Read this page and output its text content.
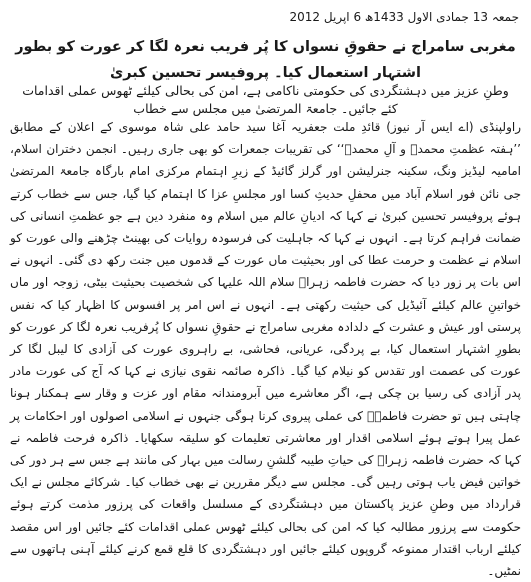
جمعہ 13 جمادی الاول 1433ھ 6 اپریل 2012
مغربی سامراج نے حقوقِ نسواں کا پُر فریب نعرہ لگا کر عورت کو بطور اشتہار استعمال کیا۔ پروفیسر تحسین کبریٰ
وطنِ عزیز میں دہشتگردی کی حکومتی ناکامی ہے، امن کی بحالی کیلئے ٹھوس عملی اقدامات کئے جائیں۔ جامعۃ المرتضیٰ میں مجلس سے خطاب

راولپنڈی (اے ایس آر نیوز) قائدِ ملت جعفریہ آغا سید حامد علی شاہ موسوی کے اعلان کے مطابق ’’ہفتہ عظمتِ محمدؐ و آلِ محمدؐ‘‘ کی تقریبات جمعرات کو بھی جاری رہیں۔ انجمن دختران اسلام، امامیہ لیڈیز ونگ، سکینہ جنرلیشن اور گرلز گائیڈ کے زیرِ اہتمام مرکزی امام بارگاہ جامعۃ المرتضیٰ جی نائن فور اسلام آباد میں محفلِ حدیثِ کسا اور مجلسِ عزا کا اہتمام کیا گیا، جس سے خطاب کرتے ہوئے پروفیسر تحسین کبریٰ نے کہا کہ ادیانِ عالم میں اسلام وہ منفرد دین ہے جو عظمتِ انسانی کی ضمانت فراہم کرتا ہے۔ انہوں نے کہا کہ جاہلیت کی فرسودہ روایات کی بھینٹ چڑھنے والی عورت کو اسلام نے عظمت و حرمت عطا کی اور بحیثیت ماں عورت کے قدموں میں جنت رکھ دی گئی۔ انہوں نے اس بات پر زور دیا کہ حضرت فاطمہ زہراؑ سلام اللہ علیہا کی شخصیت بحیثیت بیٹی، زوجہ اور ماں خواتینِ عالم کیلئے آئیڈیل کی حیثیت رکھتی ہے۔ انہوں نے اس امر پر افسوس کا اظہار کیا کہ نفس پرستی اور عیش و عشرت کے دلدادہ مغربی سامراج نے حقوقِ نسواں کا پُرفریب نعرہ لگا کر عورت کو بطورِ اشتہار استعمال کیا، بے پردگی، عریانی، فحاشی، بے راہروی عورت کی آزادی کا لیبل لگا کر عورت کی عصمت اور تقدس کو نیلام کیا گیا۔ ذاکرہ صائمہ نقوی نیازی نے کہا کہ آج کی عورت مادر پدر آزادی کی رسیا بن چکی ہے، اگر معاشرے میں آبرومندانہ مقام اور عزت و وقار سے ہمکنار ہونا چاہتی ہیں تو حضرت فاطمہؑ کی عملی پیروی کرنا ہوگی جنہوں نے اسلامی اصولوں اور احکامات پر عمل پیرا ہوتے ہوئے اسلامی اقدار اور معاشرتی تعلیمات کو سلیقہ سکھایا۔ ذاکرہ فرحت فاطمہ نے کہا کہ حضرت فاطمہ زہراؑ کی حیاتِ طیبہ گلشنِ رسالت میں بہار کی مانند ہے جس سے ہر دور کی خواتین فیض یاب ہوتی رہیں گی۔ مجلس سے دیگر مقررین نے بھی خطاب کیا۔ شرکائے مجلس نے ایک قرارداد میں وطنِ عزیز پاکستان میں دہشتگردی کے مسلسل واقعات کی پرزور مذمت کرتے ہوئے حکومت سے پرزور مطالبہ کیا کہ امن کی بحالی کیلئے ٹھوس عملی اقدامات کئے جائیں اور اس مقصد کیلئے ارباب اقتدار ممنوعہ گروپوں کیلئے جائیں اور دہشتگردی کا قلع قمع کرنے کیلئے آہنی ہاتھوں سے نمٹیں۔
